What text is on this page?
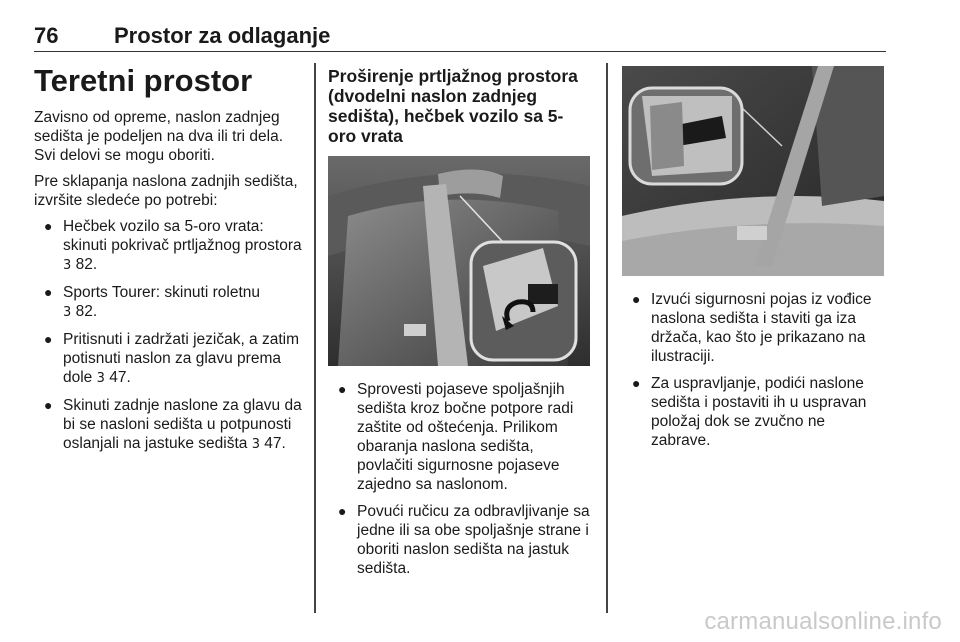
76	Prostor za odlaganje
Teretni prostor

Zavisno od opreme, naslon zadnjeg sedišta je podeljen na dva ili tri dela. Svi delovi se mogu oboriti.

Pre sklapanja naslona zadnjih sedišta, izvršite sledeće po potrebi:

● Hečbek vozilo sa 5-oro vrata: skinuti pokrivač prtljažnog prostora 3 82.
● Sports Tourer: skinuti roletnu
3 82.
● Pritisnuti i zadržati jezičak, a zatim potisnuti naslon za glavu prema dole 3 47.
● Skinuti zadnje naslone za glavu da bi se nasloni sedišta u potpunosti oslanjali na jastuke sedišta 3 47.
Proširenje prtljažnog prostora (dvodelni naslon zadnjeg sedišta), hečbek vozilo sa 5-oro vrata
● Sprovesti pojaseve spoljašnjih sedišta kroz bočne potpore radi zaštite od oštećenja. Prilikom obaranja naslona sedišta, povlačiti sigurnosne pojaseve zajedno sa naslonom.
● Povući ručicu za odbravljivanje sa jedne ili sa obe spoljašnje strane i oboriti naslon sedišta na jastuk sedišta.
● Izvući sigurnosni pojas iz vođice naslona sedišta i staviti ga iza držača, kao što je prikazano na ilustraciji.
● Za uspravljanje, podići naslone sedišta i postaviti ih u uspravan položaj dok se zvučno ne zabrave.
carmanualsonline.info
